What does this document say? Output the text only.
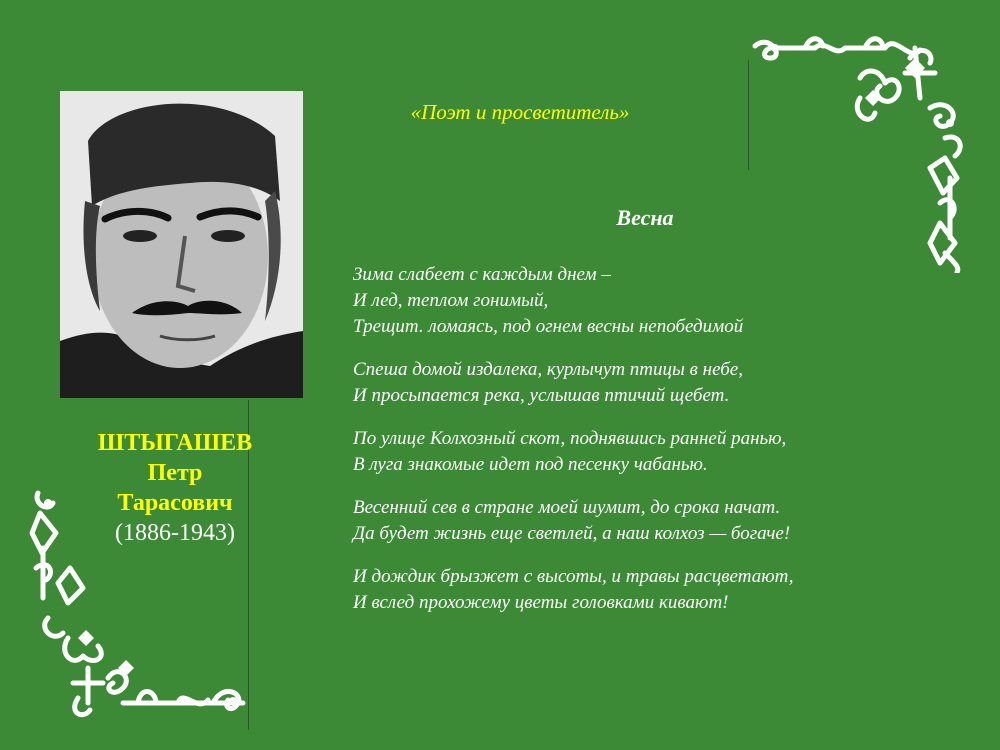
ШТЫГАШЕВ
Петр
Тарасович
(1886-1943)
«Поэт и просветитель»
Весна
Зима слабеет с каждым днем –
И лед, теплом гонимый,
Трещит. ломаясь, под огнем весны непобедимой
Спеша домой издалека, курлычут птицы в небе,
И просыпается река, услышав птичий щебет.
По улице Колхозный скот, поднявшись ранней ранью,
В луга знакомые идет под песенку чабанью.
Весенний сев в стране моей шумит, до срока начат.
Да будет жизнь еще светлей, а наш колхоз — богаче!
И дождик брызжет с высоты, и травы расцветают,
И вслед прохожему цветы головками кивают!
